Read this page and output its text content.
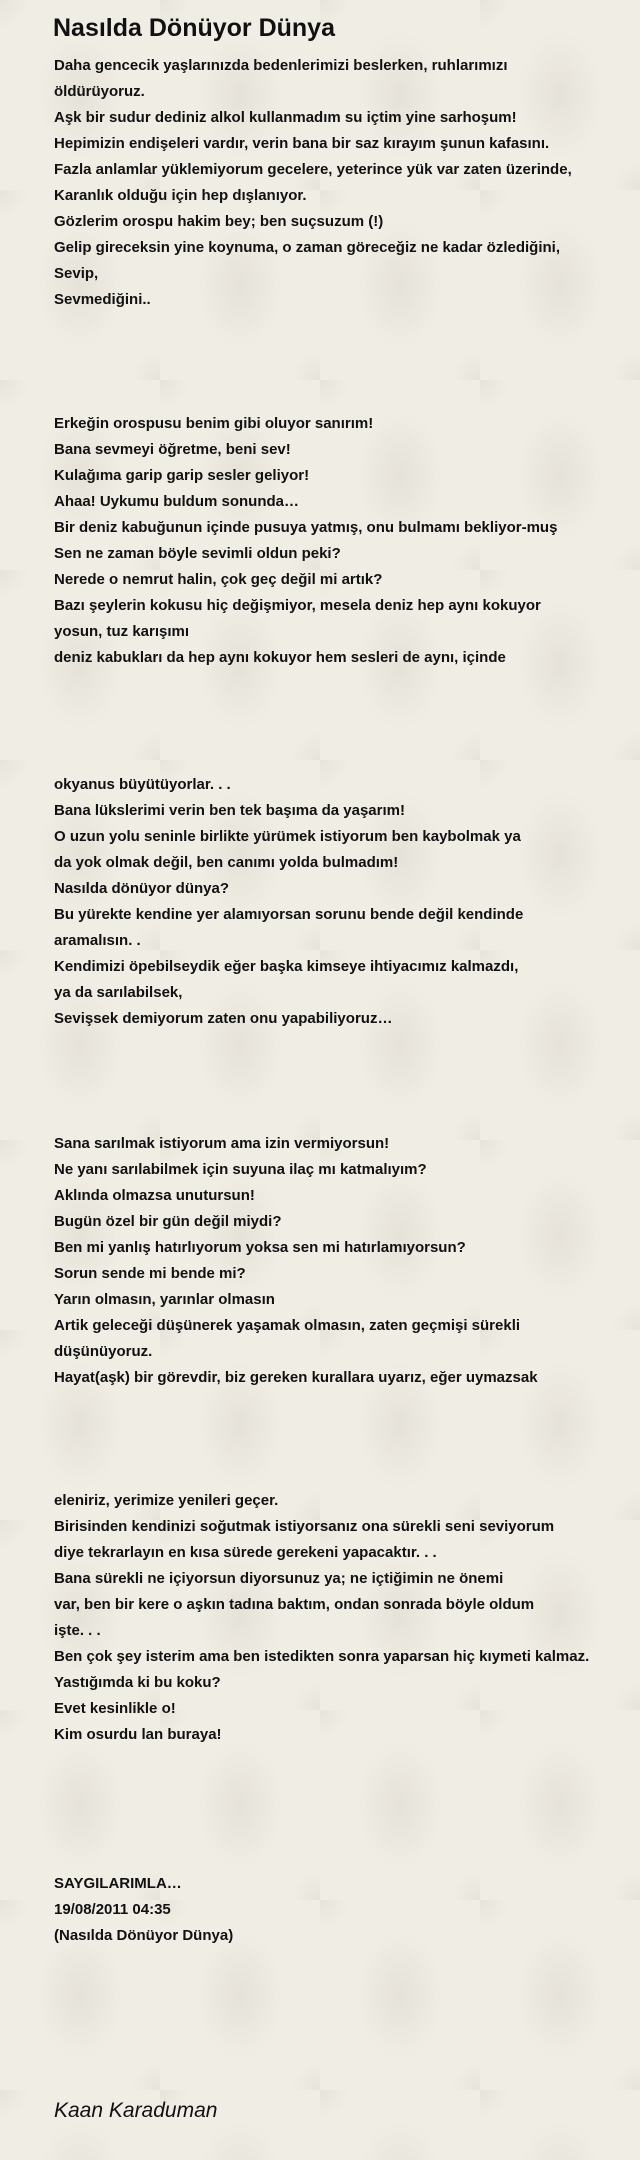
Nasılda Dönüyor Dünya
Daha gencecik yaşlarınızda bedenlerimizi beslerken, ruhlarımızı
öldürüyoruz.
Aşk bir sudur dediniz alkol kullanmadım su içtim yine sarhoşum!
Hepimizin endişeleri vardır, verin bana bir saz kırayım şunun kafasını.
Fazla anlamlar yüklemiyorum gecelere, yeterince yük var zaten üzerinde,
Karanlık olduğu için hep dışlanıyor.
Gözlerim orospu hakim bey; ben suçsuzum (!)
Gelip gireceksin yine koynuma, o zaman göreceğiz ne kadar özlediğini,
Sevip,
Sevmediğini..
Erkeğin orospusu benim gibi oluyor sanırım!
Bana sevmeyi öğretme, beni sev!
Kulağıma garip garip sesler geliyor!
Ahaa! Uykumu buldum sonunda…
Bir deniz kabuğunun içinde pusuya yatmış, onu bulmamı bekliyor-muş
Sen ne zaman böyle sevimli oldun peki?
Nerede o nemrut halin, çok geç değil mi artık?
Bazı şeylerin kokusu hiç değişmiyor, mesela deniz hep aynı kokuyor
yosun, tuz karışımı
deniz kabukları da hep aynı kokuyor hem sesleri de aynı, içinde
okyanus büyütüyorlar. . .
Bana lükslerimi verin ben tek başıma da yaşarım!
O uzun yolu seninle birlikte yürümek istiyorum ben kaybolmak ya
da yok olmak değil, ben canımı yolda bulmadım!
Nasılda dönüyor dünya?
Bu yürekte kendine yer alamıyorsan sorunu bende değil kendinde
aramalısın. .
Kendimizi öpebilseydik eğer başka kimseye ihtiyacımız kalmazdı,
ya da sarılabilsek,
Sevişsek demiyorum zaten onu yapabiliyoruz…
Sana sarılmak istiyorum ama izin vermiyorsun!
Ne yanı sarılabilmek için suyuna ilaç mı katmalıyım?
Aklında olmazsa unutursun!
Bugün özel bir gün değil miydi?
Ben mi yanlış hatırlıyorum yoksa sen mi hatırlamıyorsun?
Sorun sende mi bende mi?
Yarın olmasın, yarınlar olmasın
Artik geleceği düşünerek yaşamak olmasın, zaten geçmişi sürekli
düşünüyoruz.
Hayat(aşk) bir görevdir, biz gereken kurallara uyarız, eğer uymazsak
eleniriz, yerimize yenileri geçer.
Birisinden kendinizi soğutmak istiyorsanız ona sürekli seni seviyorum
diye tekrarlayın en kısa sürede gerekeni yapacaktır. . .
Bana sürekli ne içiyorsun diyorsunuz ya; ne içtiğimin ne önemi
var, ben bir kere o aşkın tadına baktım, ondan sonrada böyle oldum
işte. . .
Ben çok şey isterim ama ben istedikten sonra yaparsan hiç kıymeti kalmaz.
Yastığımda ki bu koku?
Evet kesinlikle o!
Kim osurdu lan buraya!
SAYGILARIMLA…
19/08/2011 04:35
(Nasılda Dönüyor Dünya)
Kaan Karaduman
